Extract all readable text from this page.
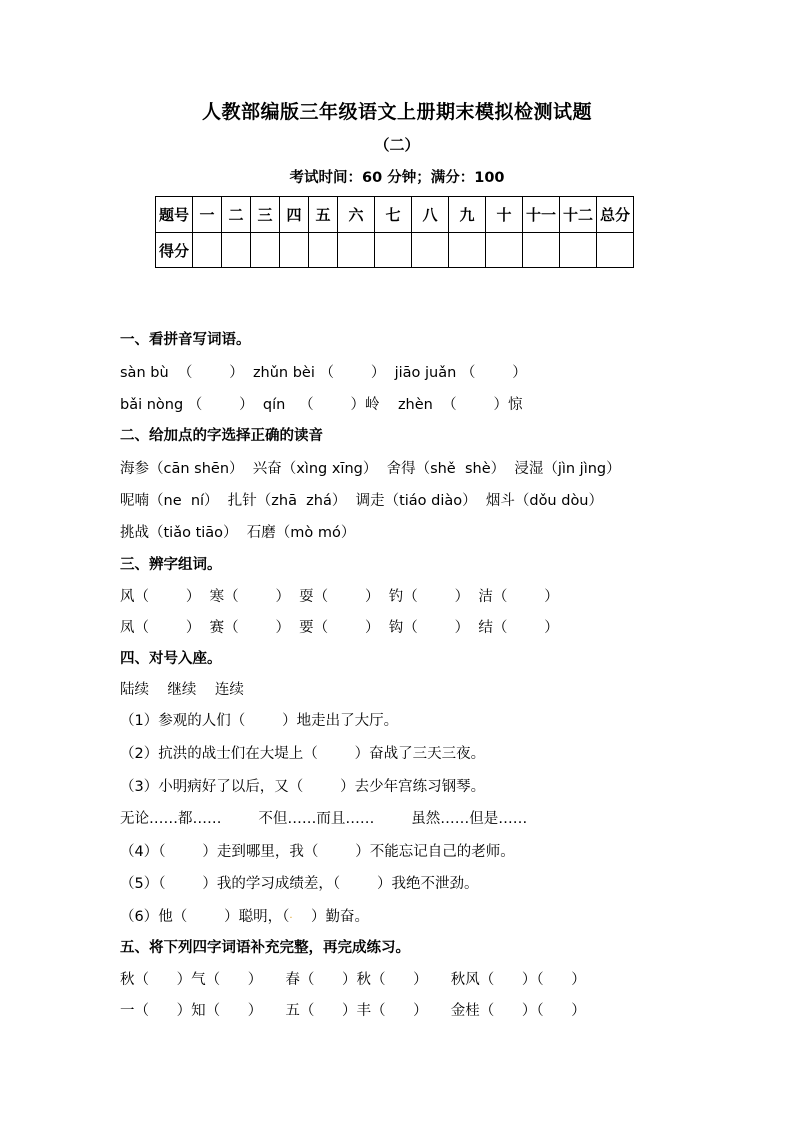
人教部编版三年级语文上册期末模拟检测试题
（二）
考试时间：60 分钟；满分：100
题号	一	二	三	四	五	六	七	八	九	十	十一	十二	总分
得分													
一、看拼音写词语。
sàn bù  （        ）  zhǔn bèi （        ）  jiāo juǎn （        ）
bǎi nòng （        ）  qín   （        ）岭    zhèn  （        ）惊
二、给加点的字选择正确的读音
海参（cān shēn）  兴奋（xìng xīng）  舍得（shě  shè）  浸湿（jìn jìng）
呢喃（ne  ní）  扎针（zhā  zhá）  调走（tiáo diào）  烟斗（dǒu dòu）
挑战（tiǎo tiāo）  石磨（mò mó）
三、辨字组词。
风（        ）  寒（        ）  耍（        ）  钓（        ）  洁（        ）
凤（        ）  赛（        ）  要（        ）  钩（        ）  结（        ）
四、对号入座。
陆续    继续    连续
（1）参观的人们（        ）地走出了大厅。
（2）抗洪的战士们在大堤上（        ）奋战了三天三夜。
（3）小明病好了以后，又（        ）去少年宫练习钢琴。
无论……都……        不但……而且……        虽然……但是……
（4）（        ）走到哪里，我（        ）不能忘记自己的老师。
（5）（        ）我的学习成绩差，（        ）我绝不泄劲。
（6）他（        ）聪明，（·    ）勤奋。
五、将下列四字词语补充完整，再完成练习。
秋（      ）气（      ）     春（      ）秋（      ）     秋风（      ）（      ）
一（      ）知（      ）     五（      ）丰（      ）     金桂（      ）（      ）
